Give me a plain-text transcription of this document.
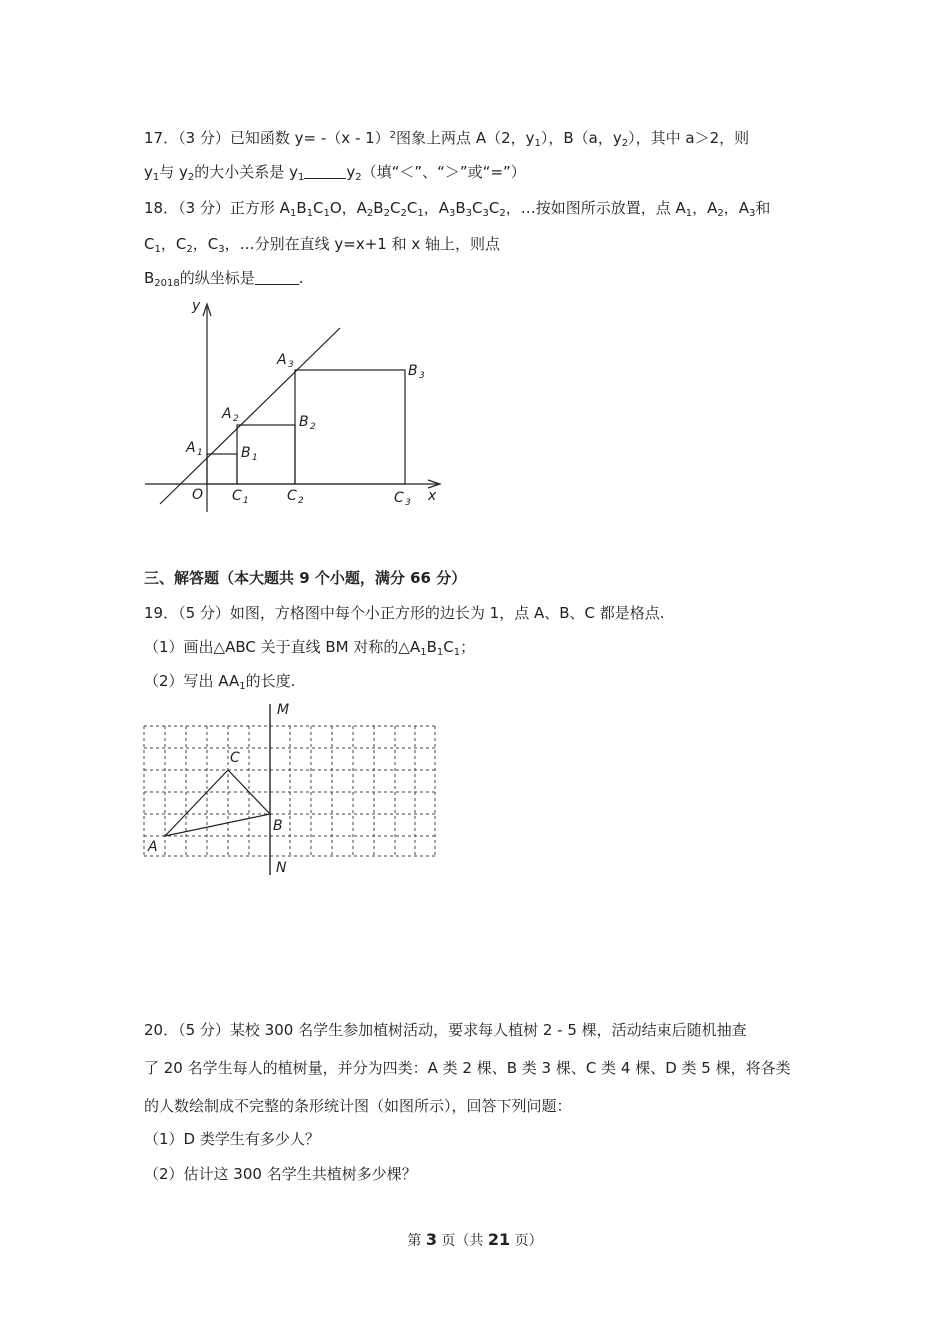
17．（3 分）已知函数 y= -（x - 1）$^2$图象上两点 A（2，$y_1$），B（a，$y_2$），其中 a＞2，则
$y_1$与 $y_2$的大小关系是 $y_1$	$y_2$（填“＜”、“＞”或“=”）
18．（3 分）正方形 $A_1B_1C_1O$，$A_2B_2C_2C_1$，$A_3B_3C_3C_2$，…按如图所示放置，点 $A_1$，$A_2$，$A_3$和
$C_1$，$C_2$，$C_3$，…分别在直线 y=x+1 和 x 轴上，则点
$B_{2018}$的纵坐标是	.
y
x
O
A 1
A 2
A 3
B 1
B 2
B 3
C 1	C 2	C 3
三、解答题（本大题共 9 个小题，满分 66 分）
19．（5 分）如图，方格图中每个小正方形的边长为 1，点 A、B、C 都是格点.
（1）画出△ABC 关于直线 BM 对称的$\triangle A_1B_1C_1$；
（2）写出 $AA_1$的长度.
M
N
A
B
C
20．（5 分）某校 300 名学生参加植树活动，要求每人植树 2 - 5 棵，活动结束后随机抽查
了 20 名学生每人的植树量，并分为四类：A 类 2 棵、B 类 3 棵、C 类 4 棵、D 类 5 棵，将各类
的人数绘制成不完整的条形统计图（如图所示），回答下列问题：
（1）D 类学生有多少人？
（2）估计这 300 名学生共植树多少棵？
第 3 页（共 21 页）
